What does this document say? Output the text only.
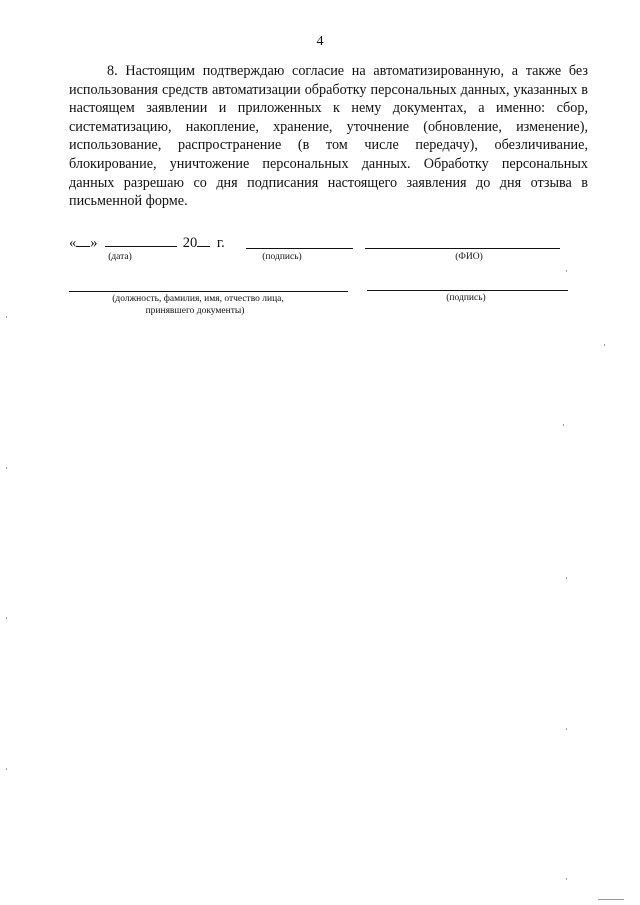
4

8. Настоящим подтверждаю согласие на автоматизированную, а также без использования средств автоматизации обработку персональных данных, указанных в настоящем заявлении и приложенных к нему документах, а именно: сбор, систематизацию, накопление, хранение, уточнение (обновление, изменение), использование, распространение (в том числе передачу), обезличивание, блокирование, уничтожение персональных данных. Обработку персональных данных разрешаю со дня подписания настоящего заявления до дня отзыва в письменной форме.

« »	20 г.
(дата)	(подпись)	(ФИО)
(должность, фамилия, имя, отчество лица,
принявшего документы)
(подпись)
